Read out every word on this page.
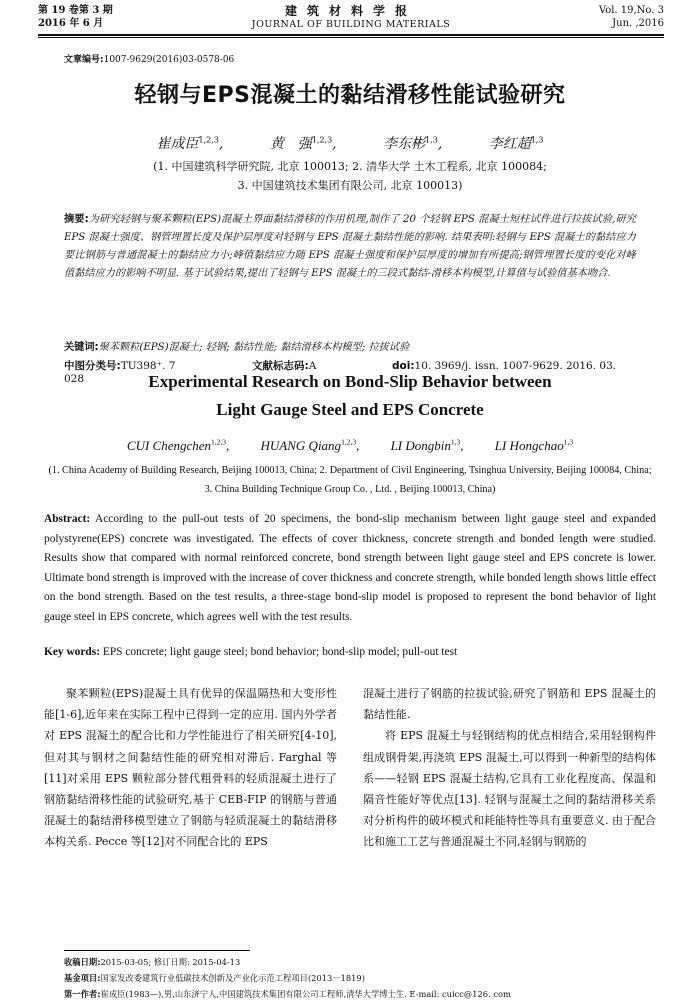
第 19 卷第 3 期
2016 年 6 月
建筑材料学报
JOURNAL OF BUILDING MATERIALS
Vol. 19,No. 3
Jun. ,2016
文章编号:1007-9629(2016)03-0578-06
轻钢与EPS混凝土的黏结滑移性能试验研究
崔成臣$^{1,2,3}$,	黄　强$^{1,2,3}$,	李东彬$^{1,3}$,	李红超$^{1,3}$
(1. 中国建筑科学研究院, 北京 100013; 2. 清华大学 土木工程系, 北京 100084;
3. 中国建筑技术集团有限公司, 北京 100013)
摘要:为研究轻钢与聚苯颗粒(EPS)混凝土界面黏结滑移的作用机理,制作了 20 个轻钢 EPS 混凝土短柱试件进行拉拔试验,研究 EPS 混凝土强度、钢管埋置长度及保护层厚度对轻钢与 EPS 混凝土黏结性能的影响. 结果表明:轻钢与 EPS 混凝土的黏结应力要比钢筋与普通混凝土的黏结应力小;峰值黏结应力随 EPS 混凝土强度和保护层厚度的增加有所提高;钢管埋置长度的变化对峰值黏结应力的影响不明显. 基于试验结果,提出了轻钢与 EPS 混凝土的三段式黏结-滑移本构模型,计算值与试验值基本吻合.
关键词:聚苯颗粒(EPS)混凝土; 轻钢; 黏结性能; 黏结滑移本构模型; 拉拔试验
中图分类号:TU398⁺. 7	文献标志码:A	doi:10. 3969/j. issn. 1007-9629. 2016. 03. 028	Experimental Research on Bond-Slip Behavior between
Light Gauge Steel and EPS Concrete
CUI Chengchen$^{1,2,3}$, HUANG Qiang$^{1,2,3}$, LI Dongbin$^{1,3}$, LI Hongchao$^{1,3}$
(1. China Academy of Building Research, Beijing 100013, China; 2. Department of Civil Engineering, Tsinghua University, Beijing 100084, China; 3. China Building Technique Group Co. , Ltd. , Beijing 100013, China)
Abstract: According to the pull-out tests of 20 specimens, the bond-slip mechanism between light gauge steel and expanded polystyrene(EPS) concrete was investigated. The effects of cover thickness, concrete strength and bonded length were studied. Results show that compared with normal reinforced concrete, bond strength between light gauge steel and EPS concrete is lower. Ultimate bond strength is improved with the increase of cover thickness and concrete strength, while bonded length shows little effect on the bond strength. Based on the test results, a three-stage bond-slip model is proposed to represent the bond behavior of light gauge steel in EPS concrete, which agrees well with the test results.
Key words: EPS concrete; light gauge steel; bond behavior; bond-slip model; pull-out test

聚苯颗粒(EPS)混凝土具有优异的保温隔热和大变形性能[1-6],近年来在实际工程中已得到一定的应用. 国内外学者对 EPS 混凝土的配合比和力学性能进行了相关研究[4-10],但对其与钢材之间黏结性能的研究相对滞后. Farghal 等[11]对采用 EPS 颗粒部分替代粗骨料的轻质混凝土进行了钢筋黏结滑移性能的试验研究,基于 CEB-FIP 的钢筋与普通混凝土的黏结滑移模型建立了钢筋与轻质混凝土的黏结滑移本构关系. Pecce 等[12]对不同配合比的 EPS

混凝土进行了钢筋的拉拔试验,研究了钢筋和 EPS 混凝土的黏结性能.

将 EPS 混凝土与轻钢结构的优点相结合,采用轻钢构件组成钢骨架,再浇筑 EPS 混凝土,可以得到一种新型的结构体系——轻钢 EPS 混凝土结构,它具有工业化程度高、保温和隔音性能好等优点[13]. 轻钢与混凝土之间的黏结滑移关系对分析构件的破坏模式和耗能特性等具有重要意义. 由于配合比和施工工艺与普通混凝土不同,轻钢与钢筋的

收稿日期:2015-03-05; 修订日期: 2015-04-13
基金项目:国家发改委建筑行业低碳技术创新及产业化示范工程项目(2013－1819)
第一作者:崔成臣(1983—),男,山东济宁人,中国建筑技术集团有限公司工程师,清华大学博士生. E-mail: cuicc@126. com
